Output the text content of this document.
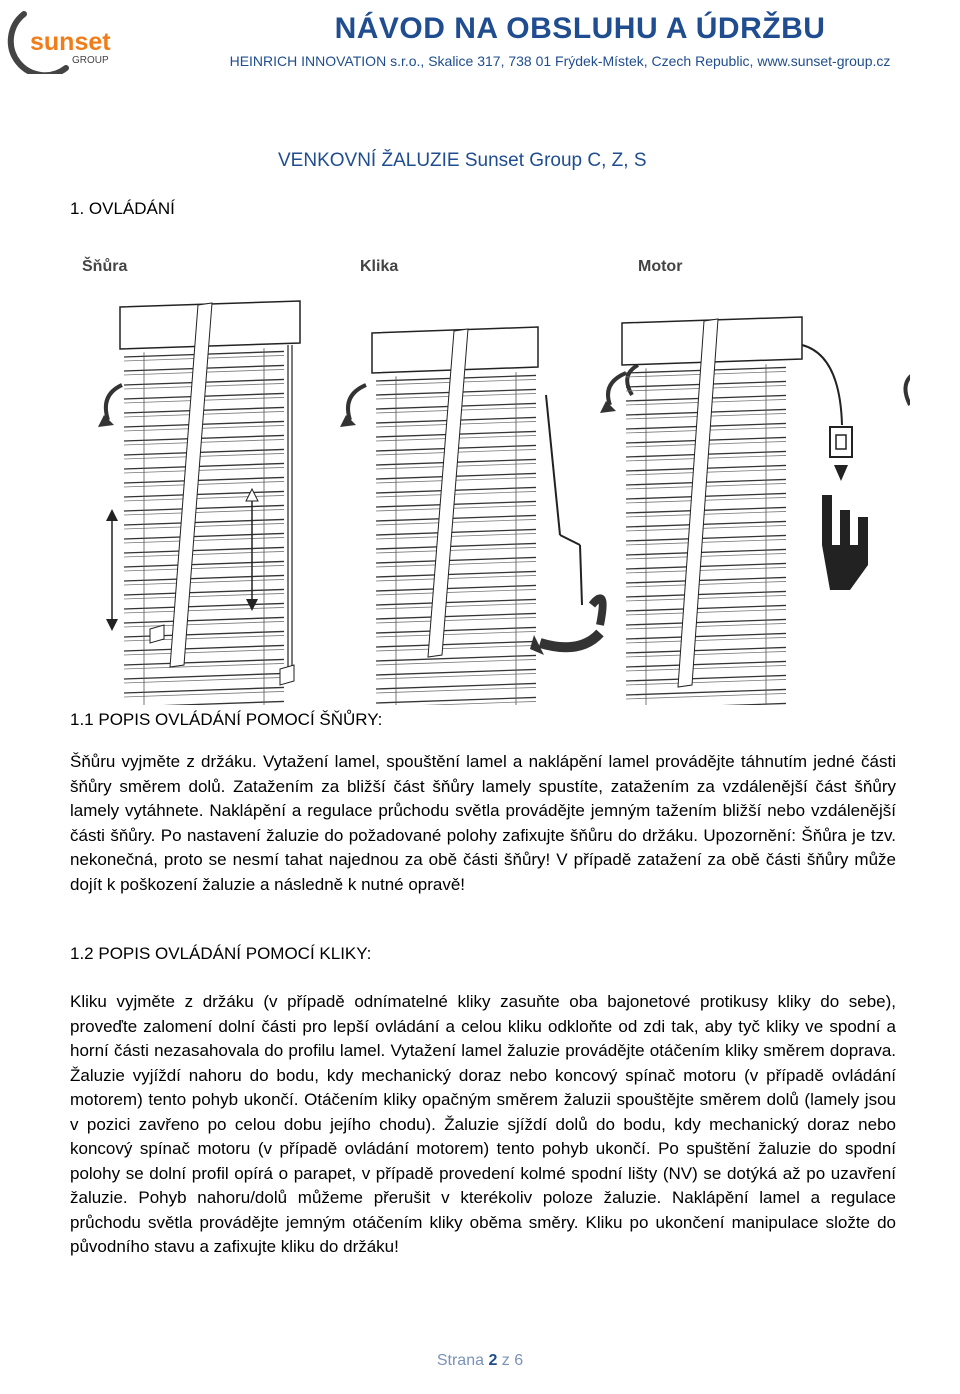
sunset
GROUP
NÁVOD NA OBSLUHU A ÚDRŽBU
HEINRICH INNOVATION s.r.o., Skalice 317, 738 01 Frýdek-Místek, Czech Republic, www.sunset-group.cz
VENKOVNÍ ŽALUZIE Sunset Group C, Z, S
1. OVLÁDÁNÍ
Šňůra	Klika	Motor
1.1 POPIS OVLÁDÁNÍ POMOCÍ ŠŇŮRY:

Šňůru vyjměte z držáku. Vytažení lamel, spouštění lamel a naklápění lamel provádějte táhnutím jedné části šňůry směrem dolů. Zatažením za bližší část šňůry lamely spustíte, zatažením za vzdálenější část šňůry lamely vytáhnete. Naklápění a regulace průchodu světla provádějte jemným tažením bližší nebo vzdálenější části šňůry. Po nastavení žaluzie do požadované polohy zafixujte šňůru do držáku. Upozornění: Šňůra je tzv. nekonečná, proto se nesmí tahat najednou za obě části šňůry! V případě zatažení za obě části šňůry může dojít k poškození žaluzie a následně k nutné opravě!

1.2 POPIS OVLÁDÁNÍ POMOCÍ KLIKY:

Kliku vyjměte z držáku (v případě odnímatelné kliky zasuňte oba bajonetové protikusy kliky do sebe), proveďte zalomení dolní části pro lepší ovládání a celou kliku odkloňte od zdi tak, aby tyč kliky ve spodní a horní části nezasahovala do profilu lamel. Vytažení lamel žaluzie provádějte otáčením kliky směrem doprava. Žaluzie vyjíždí nahoru do bodu, kdy mechanický doraz nebo koncový spínač motoru (v případě ovládání motorem) tento pohyb ukončí. Otáčením kliky opačným směrem žaluzii spouštějte směrem dolů (lamely jsou v pozici zavřeno po celou dobu jejího chodu). Žaluzie sjíždí dolů do bodu, kdy mechanický doraz nebo koncový spínač motoru (v případě ovládání motorem) tento pohyb ukončí. Po spuštění žaluzie do spodní polohy se dolní profil opírá o parapet, v případě provedení kolmé spodní lišty (NV) se dotýká až po uzavření žaluzie. Pohyb nahoru/dolů můžeme přerušit v kterékoliv poloze žaluzie. Naklápění lamel a regulace průchodu světla provádějte jemným otáčením kliky oběma směry. Kliku po ukončení manipulace složte do původního stavu a zafixujte kliku do držáku!

Strana 2 z 6
